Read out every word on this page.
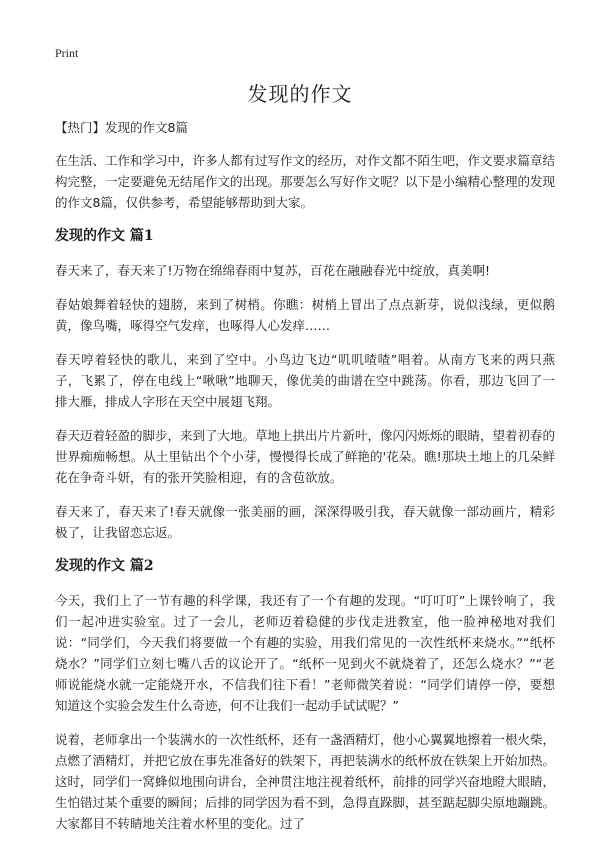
Print
发现的作文
【热门】发现的作文8篇

在生活、工作和学习中，许多人都有过写作文的经历，对作文都不陌生吧，作文要求篇章结构完整，一定要避免无结尾作文的出现。那要怎么写好作文呢？以下是小编精心整理的发现的作文8篇，仅供参考，希望能够帮助到大家。

发现的作文 篇1

春天来了，春天来了!万物在绵绵春雨中复苏，百花在融融春光中绽放，真美啊!

春姑娘舞着轻快的翅膀，来到了树梢。你瞧：树梢上冒出了点点新芽，说似浅绿，更似鹅黄，像鸟嘴，啄得空气发痒，也啄得人心发痒……

春天哼着轻快的歌儿，来到了空中。小鸟边飞边“叽叽喳喳”唱着。从南方飞来的两只燕子，飞累了，停在电线上“啾啾”地聊天，像优美的曲谱在空中跳荡。你看，那边飞回了一排大雁，排成人字形在天空中展翅飞翔。

春天迈着轻盈的脚步，来到了大地。草地上拱出片片新叶，像闪闪烁烁的眼睛，望着初春的世界痴痴畅想。从土里钻出个个小芽，慢慢得长成了鲜艳的'花朵。瞧!那块土地上的几朵鲜花在争奇斗妍，有的张开笑脸相迎，有的含苞欲放。

春天来了，春天来了!春天就像一张美丽的画，深深得吸引我，春天就像一部动画片，精彩极了，让我留恋忘返。

发现的作文 篇2

今天，我们上了一节有趣的科学课，我还有了一个有趣的发现。“叮叮叮”上课铃响了，我们一起冲进实验室。过了一会儿，老师迈着稳健的步伐走进教室，他一脸神秘地对我们说：“同学们，今天我们将要做一个有趣的实验，用我们常见的一次性纸杯来烧水。”“纸杯烧水？”同学们立刻七嘴八舌的议论开了。“纸杯一见到火不就烧着了，还怎么烧水？”“老师说能烧水就一定能烧开水，不信我们往下看！”老师微笑着说：“同学们请停一停，要想知道这个实验会发生什么奇迹，何不让我们一起动手试试呢？”

说着，老师拿出一个装满水的一次性纸杯，还有一盏酒精灯，他小心翼翼地擦着一根火柴，点燃了酒精灯，并把它放在事先准备好的铁架下，再把装满水的纸杯放在铁架上开始加热。这时，同学们一窝蜂似地围向讲台，全神贯注地注视着纸杯，前排的同学兴奋地瞪大眼睛，生怕错过某个重要的瞬间；后排的同学因为看不到，急得直跺脚，甚至踮起脚尖原地蹦跳。大家都目不转睛地关注着水杯里的变化。过了
